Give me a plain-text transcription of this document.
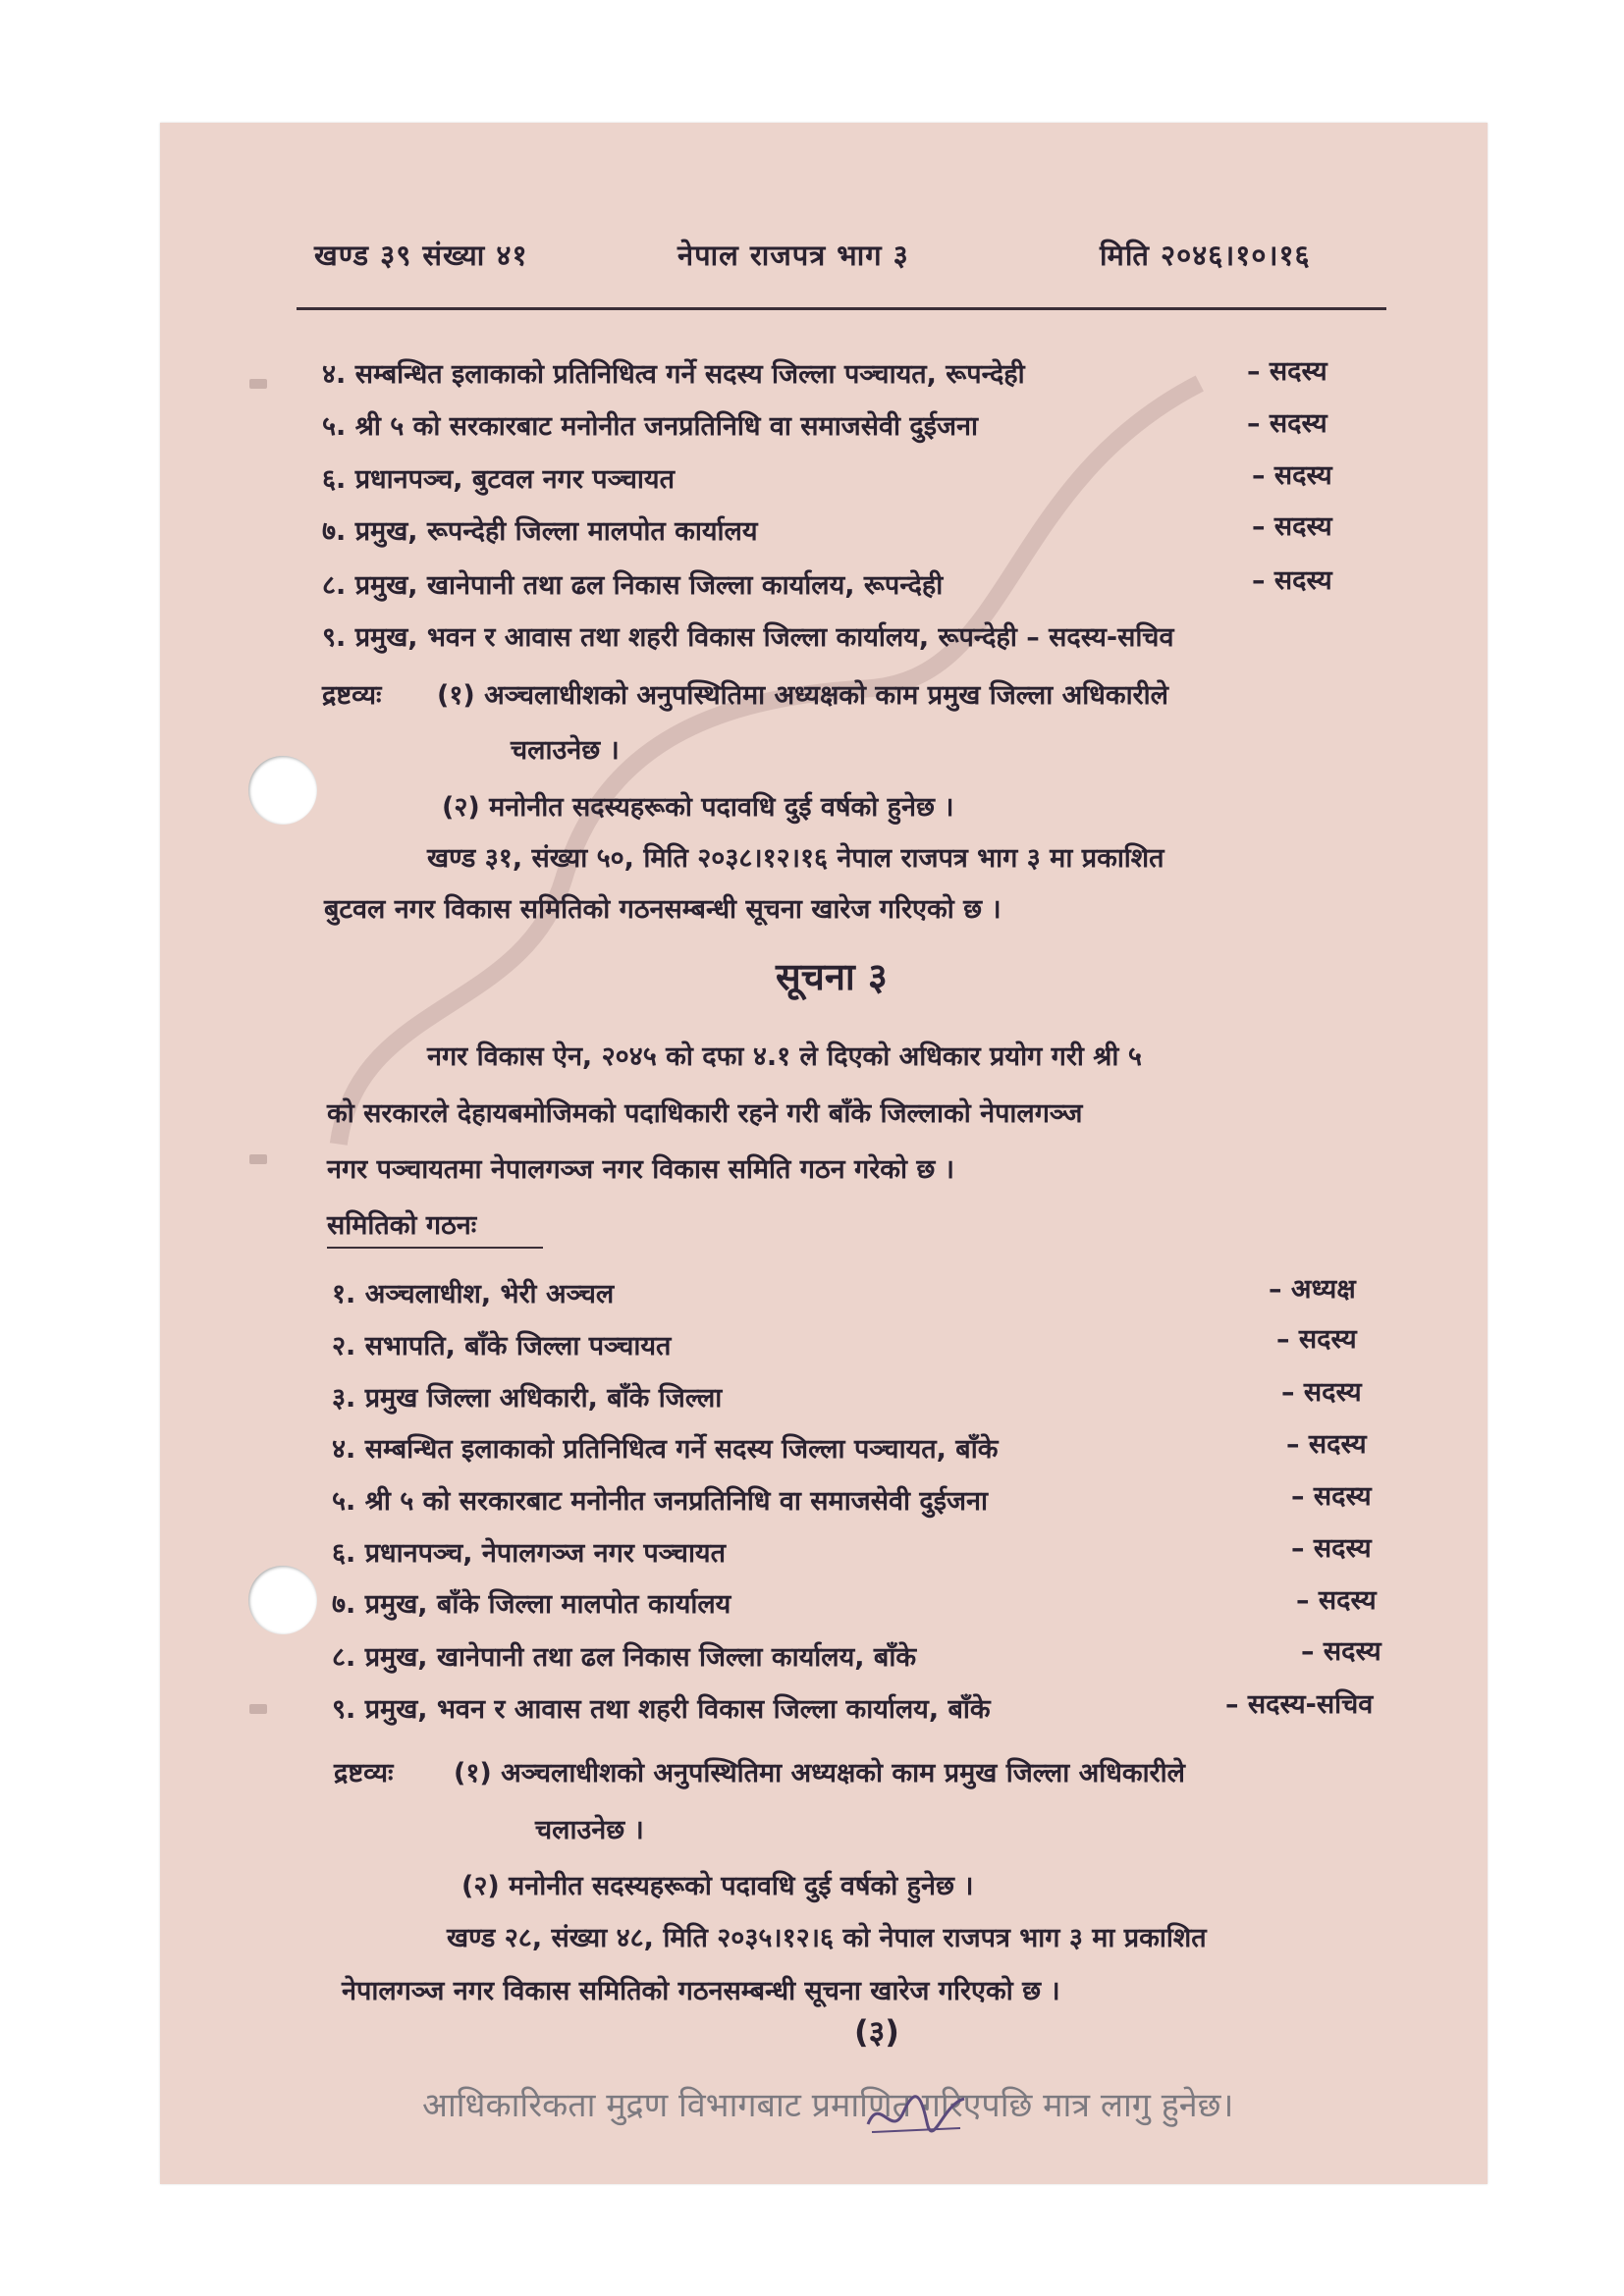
खण्ड ३९ संख्या ४१	नेपाल राजपत्र भाग ३	मिति २०४६।१०।१६
४. सम्बन्धित इलाकाको प्रतिनिधित्व गर्ने सदस्य जिल्ला पञ्चायत, रूपन्देही	– सदस्य
५. श्री ५ को सरकारबाट मनोनीत जनप्रतिनिधि वा समाजसेवी दुईजना	– सदस्य
६. प्रधानपञ्च, बुटवल नगर पञ्चायत	– सदस्य
७. प्रमुख, रूपन्देही जिल्ला मालपोत कार्यालय	– सदस्य
८. प्रमुख, खानेपानी तथा ढल निकास जिल्ला कार्यालय, रूपन्देही	– सदस्य
९. प्रमुख, भवन र आवास तथा शहरी विकास जिल्ला कार्यालय, रूपन्देही – सदस्य-सचिव
द्रष्टव्यः (१) अञ्चलाधीशको अनुपस्थितिमा अध्यक्षको काम प्रमुख जिल्ला अधिकारीले
चलाउनेछ ।
(२) मनोनीत सदस्यहरूको पदावधि दुई वर्षको हुनेछ ।
खण्ड ३१, संख्या ५०, मिति २०३८।१२।१६ नेपाल राजपत्र भाग ३ मा प्रकाशित
बुटवल नगर विकास समितिको गठनसम्बन्धी सूचना खारेज गरिएको छ ।
सूचना ३
नगर विकास ऐन, २०४५ को दफा ४.१ ले दिएको अधिकार प्रयोग गरी श्री ५
को सरकारले देहायबमोजिमको पदाधिकारी रहने गरी बाँके जिल्लाको नेपालगञ्ज
नगर पञ्चायतमा नेपालगञ्ज नगर विकास समिति गठन गरेको छ ।
समितिको गठनः
१. अञ्चलाधीश, भेरी अञ्चल	– अध्यक्ष
२. सभापति, बाँके जिल्ला पञ्चायत	– सदस्य
३. प्रमुख जिल्ला अधिकारी, बाँके जिल्ला	– सदस्य
४. सम्बन्धित इलाकाको प्रतिनिधित्व गर्ने सदस्य जिल्ला पञ्चायत, बाँके	– सदस्य
५. श्री ५ को सरकारबाट मनोनीत जनप्रतिनिधि वा समाजसेवी दुईजना	– सदस्य
६. प्रधानपञ्च, नेपालगञ्ज नगर पञ्चायत	– सदस्य
७. प्रमुख, बाँके जिल्ला मालपोत कार्यालय	– सदस्य
८. प्रमुख, खानेपानी तथा ढल निकास जिल्ला कार्यालय, बाँके	– सदस्य
९. प्रमुख, भवन र आवास तथा शहरी विकास जिल्ला कार्यालय, बाँके	– सदस्य-सचिव
द्रष्टव्यः (१) अञ्चलाधीशको अनुपस्थितिमा अध्यक्षको काम प्रमुख जिल्ला अधिकारीले
चलाउनेछ ।
(२) मनोनीत सदस्यहरूको पदावधि दुई वर्षको हुनेछ ।
खण्ड २८, संख्या ४८, मिति २०३५।१२।६ को नेपाल राजपत्र भाग ३ मा प्रकाशित
नेपालगञ्ज नगर विकास समितिको गठनसम्बन्धी सूचना खारेज गरिएको छ ।
(३)
आधिकारिकता मुद्रण विभागबाट प्रमाणित गरिएपछि मात्र लागु हुनेछ।
